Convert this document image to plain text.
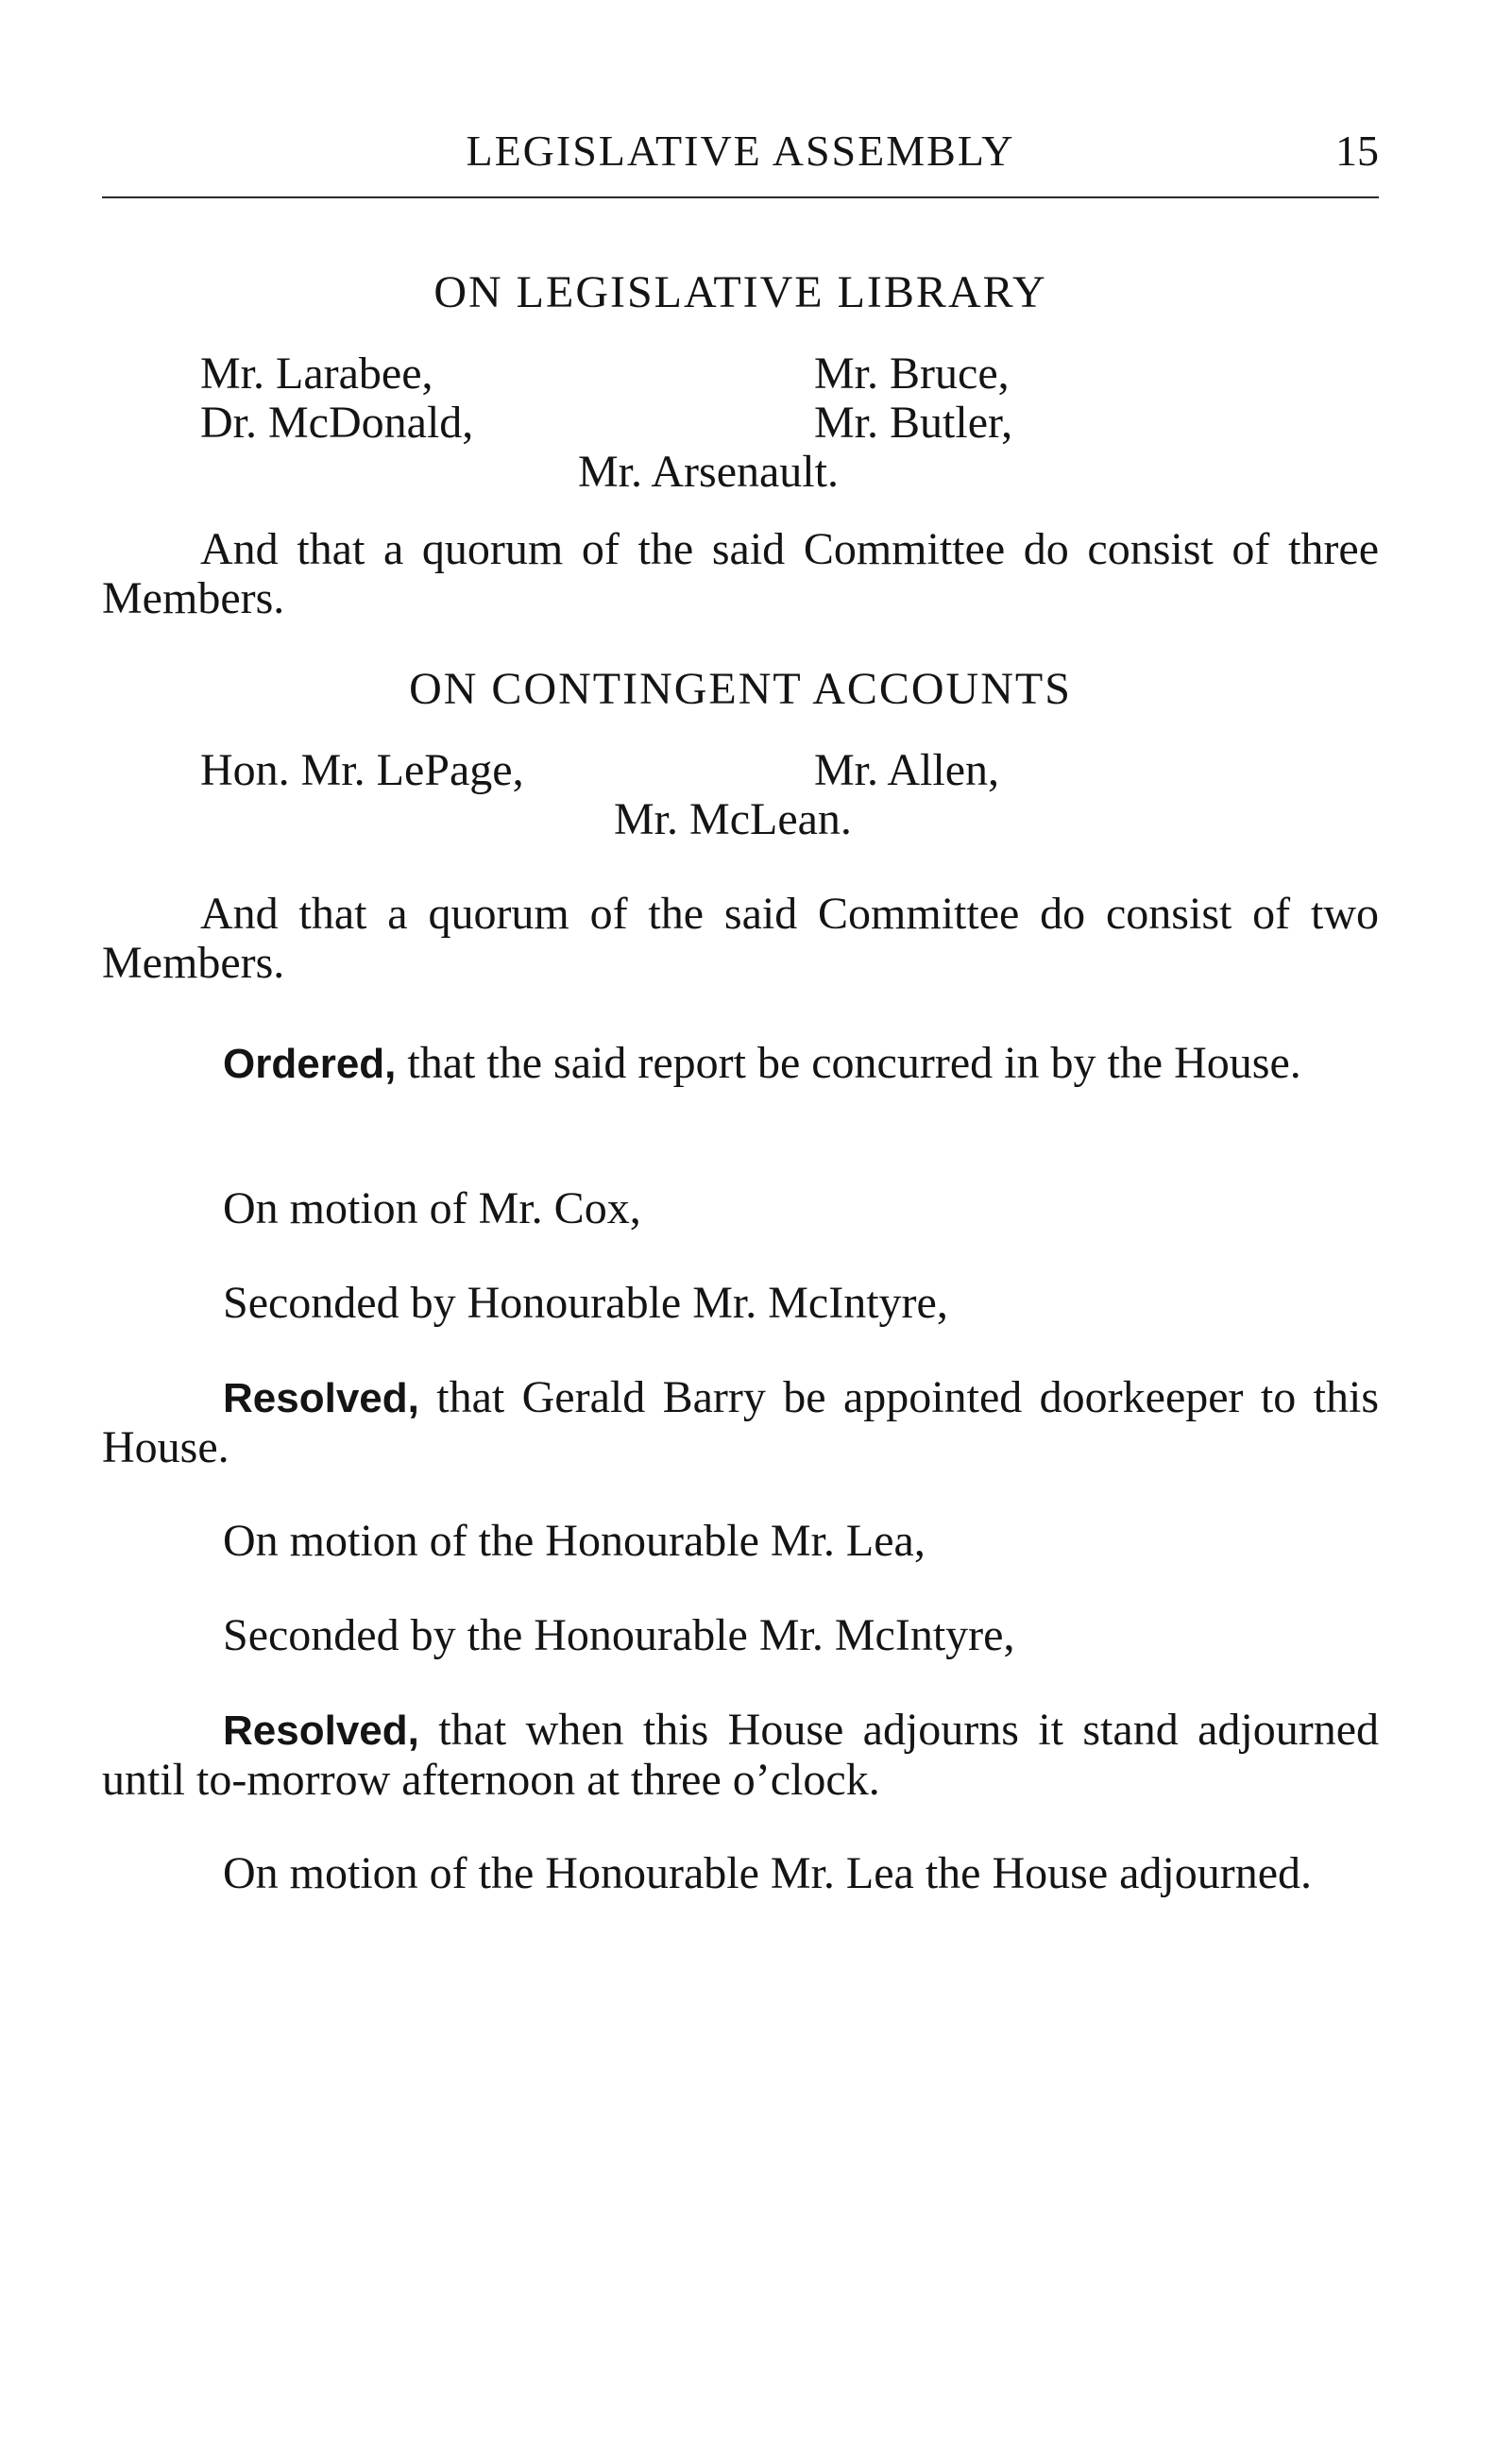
LEGISLATIVE ASSEMBLY	15
ON LEGISLATIVE LIBRARY
Mr. Larabee,	Mr. Bruce,
Dr. McDonald,	Mr. Butler,
Mr. Arsenault.

And that a quorum of the said Committee do consist of three Members.

ON CONTINGENT ACCOUNTS
Hon. Mr. LePage,	Mr. Allen,
Mr. McLean.

And that a quorum of the said Committee do consist of two Members.

Ordered, that the said report be concurred in by the House.

On motion of Mr. Cox,
Seconded by Honourable Mr. McIntyre,

Resolved, that Gerald Barry be appointed doorkeeper to this House.

On motion of the Honourable Mr. Lea,
Seconded by the Honourable Mr. McIntyre,

Resolved, that when this House adjourns it stand adjourned until to-morrow afternoon at three o’clock.

On motion of the Honourable Mr. Lea the House adjourned.
